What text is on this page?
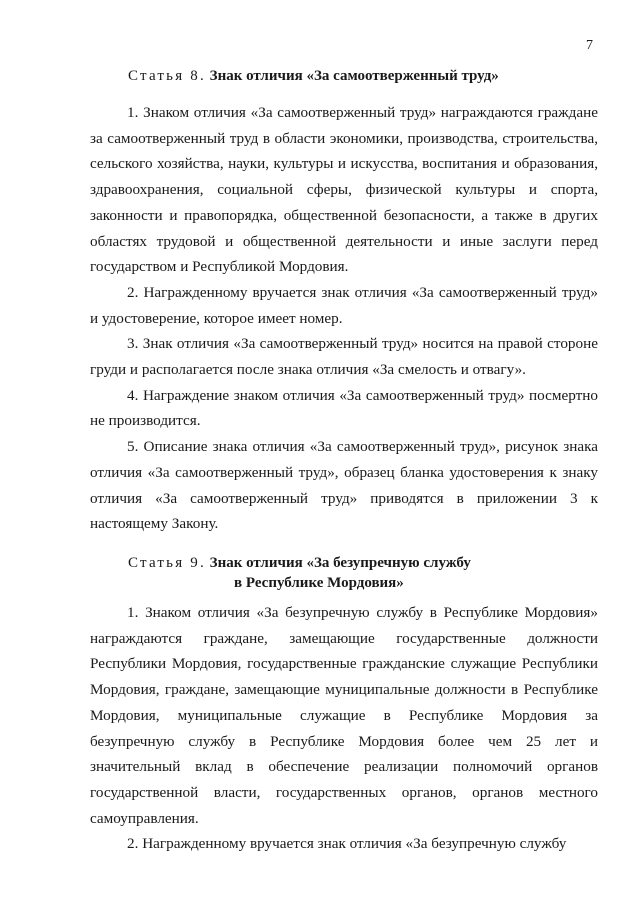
7
Статья 8. Знак отличия «За самоотверженный труд»

1. Знаком отличия «За самоотверженный труд» награждаются граждане за самоотверженный труд в области экономики, производства, строительства, сельского хозяйства, науки, культуры и искусства, воспитания и образования, здравоохранения, социальной сферы, физической культуры и спорта, законности и правопорядка, общественной безопасности, а также в других областях трудовой и общественной деятельности и иные заслуги перед государством и Республикой Мордовия.

2. Награжденному вручается знак отличия «За самоотверженный труд» и удостоверение, которое имеет номер.

3. Знак отличия «За самоотверженный труд» носится на правой стороне груди и располагается после знака отличия «За смелость и отвагу».

4. Награждение знаком отличия «За самоотверженный труд» посмертно не производится.

5. Описание знака отличия «За самоотверженный труд», рисунок знака отличия «За самоотверженный труд», образец бланка удостоверения к знаку отличия «За самоотверженный труд» приводятся в приложении 3 к настоящему Закону.

Статья 9. Знак отличия «За безупречную службу
в Республике Мордовия»

1. Знаком отличия «За безупречную службу в Республике Мордовия» награждаются граждане, замещающие государственные должности Республики Мордовия, государственные гражданские служащие Республики Мордовия, граждане, замещающие муниципальные должности в Республике Мордовия, муниципальные служащие в Республике Мордовия за безупречную службу в Республике Мордовия более чем 25 лет и значительный вклад в обеспечение реализации полномочий органов государственной власти, государственных органов, органов местного самоуправления.

2. Награжденному вручается знак отличия «За безупречную службу
